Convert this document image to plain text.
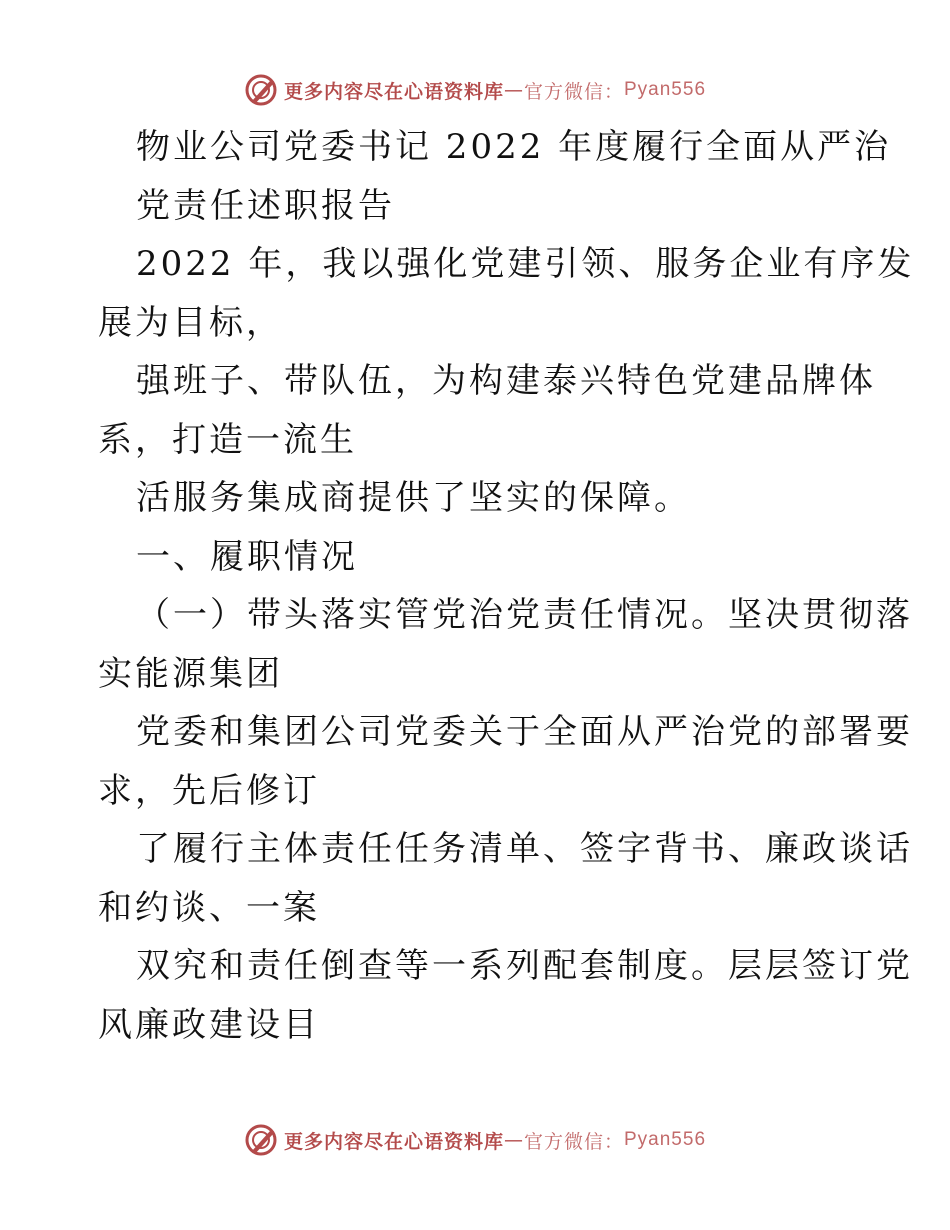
更多内容尽在心语资料库 — 官方微信： Pyan556
物业公司党委书记 2022 年度履行全面从严治
党责任述职报告
2022 年，我以强化党建引领、服务企业有序发
展为目标，
强班子、带队伍，为构建泰兴特色党建品牌体
系，打造一流生
活服务集成商提供了坚实的保障。
一、履职情况
（一）带头落实管党治党责任情况。坚决贯彻落
实能源集团
党委和集团公司党委关于全面从严治党的部署要
求，先后修订
了履行主体责任任务清单、签字背书、廉政谈话
和约谈、一案
双究和责任倒查等一系列配套制度。层层签订党
风廉政建设目
更多内容尽在心语资料库 — 官方微信： Pyan556
